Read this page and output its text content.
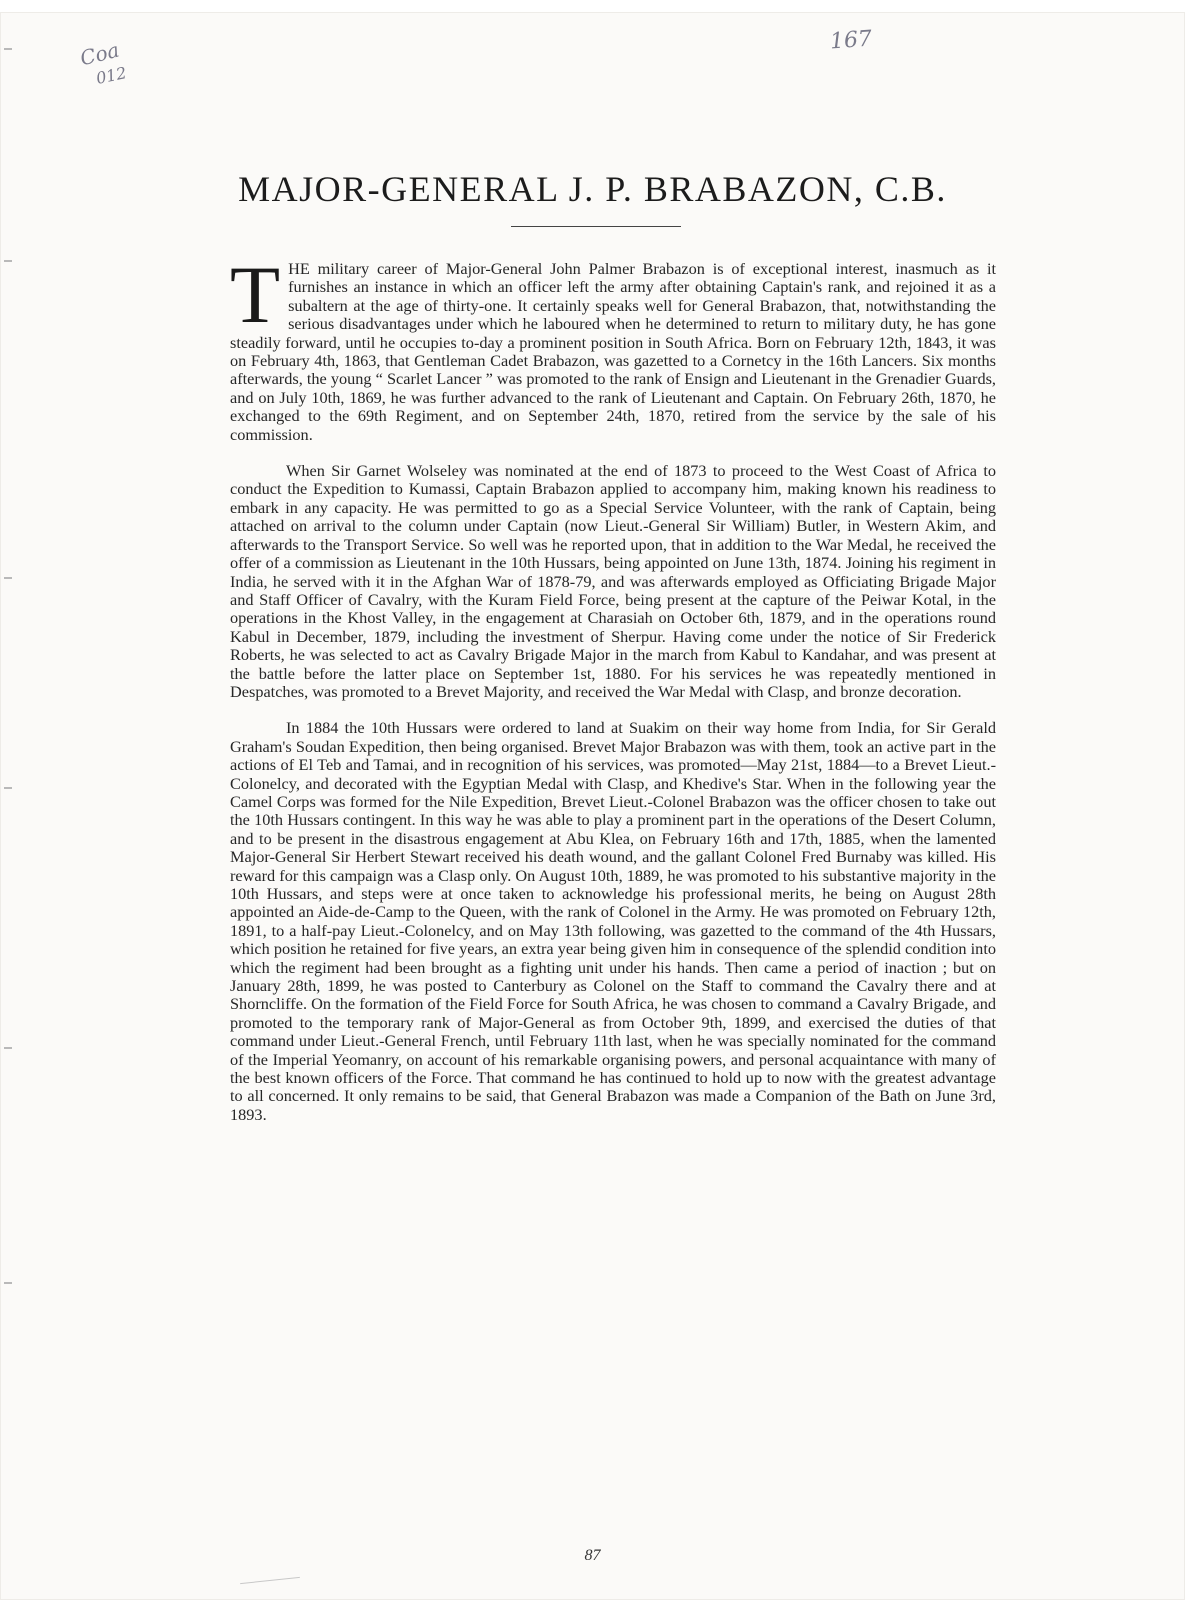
Coa
012
167
MAJOR-GENERAL J. P. BRABAZON, C.B.

THE military career of Major-General John Palmer Brabazon is of exceptional interest, inasmuch as it furnishes an instance in which an officer left the army after obtaining Captain's rank, and rejoined it as a subaltern at the age of thirty-one. It certainly speaks well for General Brabazon, that, notwithstanding the serious disadvantages under which he laboured when he determined to return to military duty, he has gone steadily forward, until he occupies to-day a prominent position in South Africa. Born on February 12th, 1843, it was on February 4th, 1863, that Gentleman Cadet Brabazon, was gazetted to a Cornetcy in the 16th Lancers. Six months afterwards, the young “ Scarlet Lancer ” was promoted to the rank of Ensign and Lieutenant in the Grenadier Guards, and on July 10th, 1869, he was further advanced to the rank of Lieutenant and Captain. On February 26th, 1870, he exchanged to the 69th Regiment, and on September 24th, 1870, retired from the service by the sale of his commission.

When Sir Garnet Wolseley was nominated at the end of 1873 to proceed to the West Coast of Africa to conduct the Expedition to Kumassi, Captain Brabazon applied to accompany him, making known his readiness to embark in any capacity. He was permitted to go as a Special Service Volunteer, with the rank of Captain, being attached on arrival to the column under Captain (now Lieut.-General Sir William) Butler, in Western Akim, and afterwards to the Transport Service. So well was he reported upon, that in addition to the War Medal, he received the offer of a commission as Lieutenant in the 10th Hussars, being appointed on June 13th, 1874. Joining his regiment in India, he served with it in the Afghan War of 1878-79, and was afterwards employed as Officiating Brigade Major and Staff Officer of Cavalry, with the Kuram Field Force, being present at the capture of the Peiwar Kotal, in the operations in the Khost Valley, in the engagement at Charasiah on October 6th, 1879, and in the operations round Kabul in December, 1879, including the investment of Sherpur. Having come under the notice of Sir Frederick Roberts, he was selected to act as Cavalry Brigade Major in the march from Kabul to Kandahar, and was present at the battle before the latter place on September 1st, 1880. For his services he was repeatedly mentioned in Despatches, was promoted to a Brevet Majority, and received the War Medal with Clasp, and bronze decoration.

In 1884 the 10th Hussars were ordered to land at Suakim on their way home from India, for Sir Gerald Graham's Soudan Expedition, then being organised. Brevet Major Brabazon was with them, took an active part in the actions of El Teb and Tamai, and in recognition of his services, was promoted—May 21st, 1884—to a Brevet Lieut.-Colonelcy, and decorated with the Egyptian Medal with Clasp, and Khedive's Star. When in the following year the Camel Corps was formed for the Nile Expedition, Brevet Lieut.-Colonel Brabazon was the officer chosen to take out the 10th Hussars contingent. In this way he was able to play a prominent part in the operations of the Desert Column, and to be present in the disastrous engagement at Abu Klea, on February 16th and 17th, 1885, when the lamented Major-General Sir Herbert Stewart received his death wound, and the gallant Colonel Fred Burnaby was killed. His reward for this campaign was a Clasp only. On August 10th, 1889, he was promoted to his substantive majority in the 10th Hussars, and steps were at once taken to acknowledge his professional merits, he being on August 28th appointed an Aide-de-Camp to the Queen, with the rank of Colonel in the Army. He was promoted on February 12th, 1891, to a half-pay Lieut.-Colonelcy, and on May 13th following, was gazetted to the command of the 4th Hussars, which position he retained for five years, an extra year being given him in consequence of the splendid condition into which the regiment had been brought as a fighting unit under his hands. Then came a period of inaction ; but on January 28th, 1899, he was posted to Canterbury as Colonel on the Staff to command the Cavalry there and at Shorncliffe. On the formation of the Field Force for South Africa, he was chosen to command a Cavalry Brigade, and promoted to the temporary rank of Major-General as from October 9th, 1899, and exercised the duties of that command under Lieut.-General French, until February 11th last, when he was specially nominated for the command of the Imperial Yeomanry, on account of his remarkable organising powers, and personal acquaintance with many of the best known officers of the Force. That command he has continued to hold up to now with the greatest advantage to all concerned. It only remains to be said, that General Brabazon was made a Companion of the Bath on June 3rd, 1893.

87
